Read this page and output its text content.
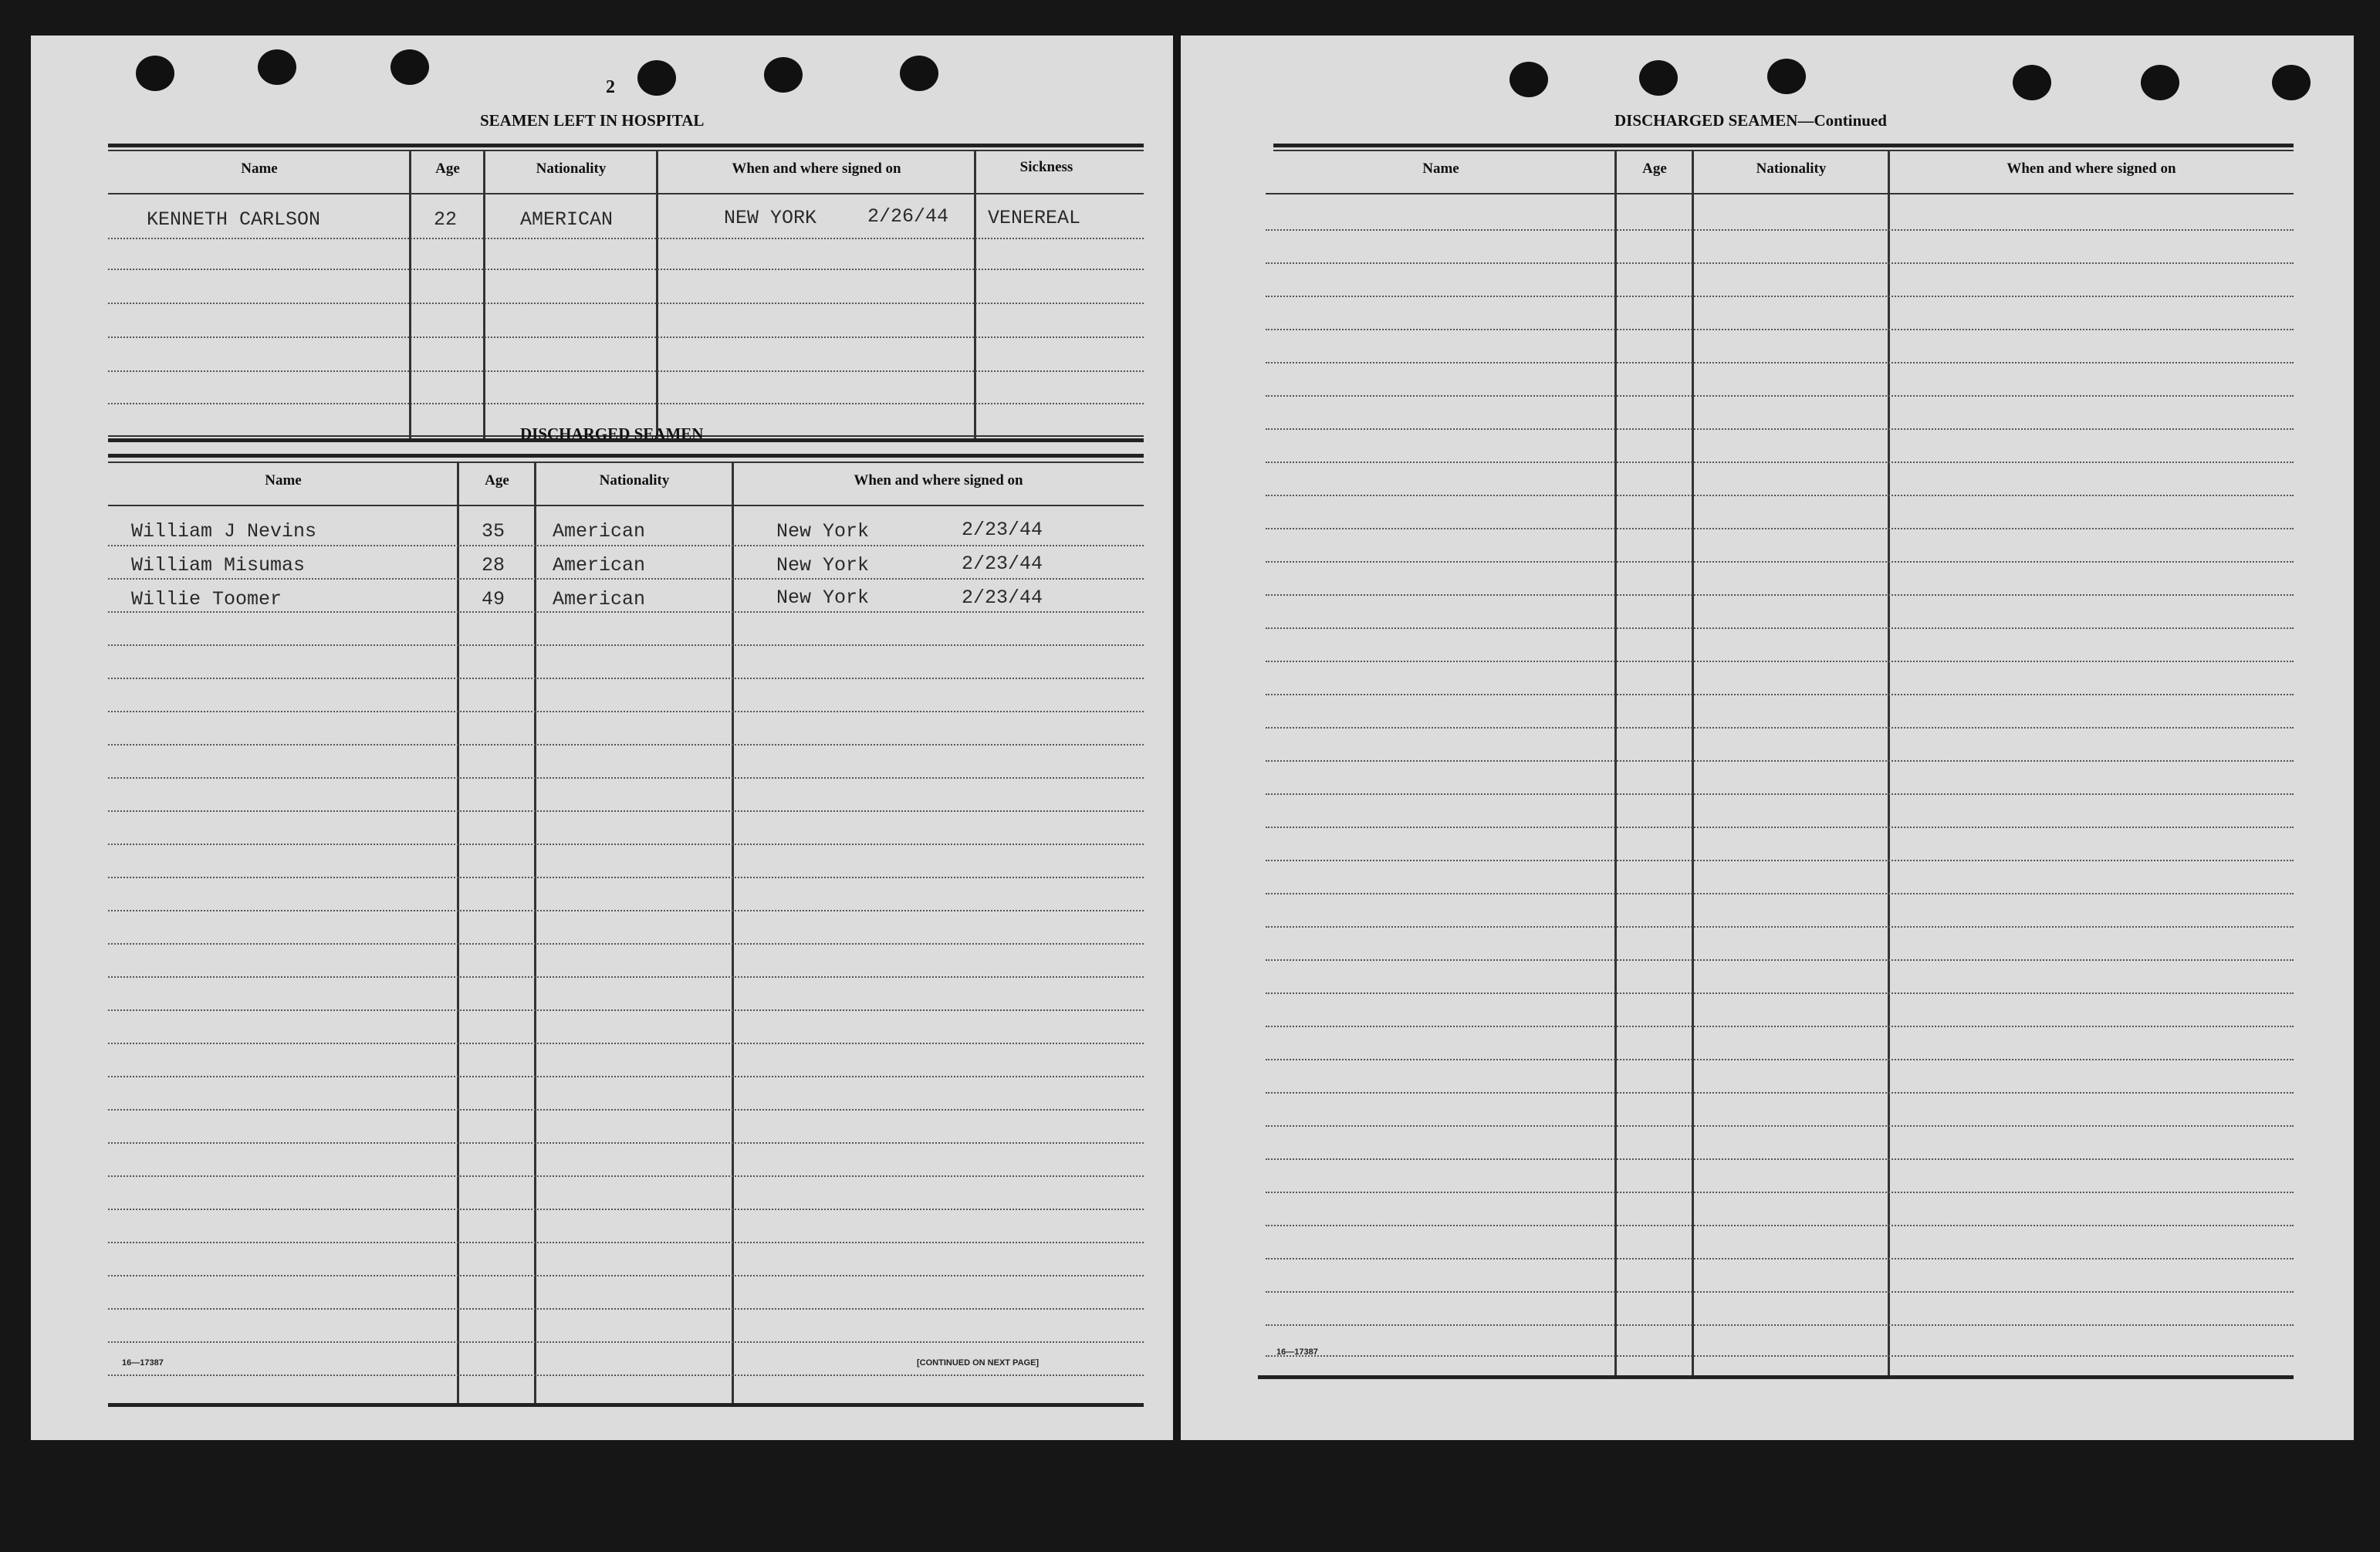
2
SEAMEN LEFT IN HOSPITAL
Name	Age	Nationality	When and where signed on	Sickness
KENNETH CARLSON	22	AMERICAN	NEW YORK	2/26/44 VENEREAL
DISCHARGED SEAMEN
Name	Age	Nationality	When and where signed on
William J Nevins	35 American	New York	2/23/44
William Misumas	28 American	New York	2/23/44
Willie Toomer	49 American	New York	2/23/44
16—17387	[CONTINUED ON NEXT PAGE]
DISCHARGED SEAMEN—Continued
Name	Age	Nationality	When and where signed on
16—17387
